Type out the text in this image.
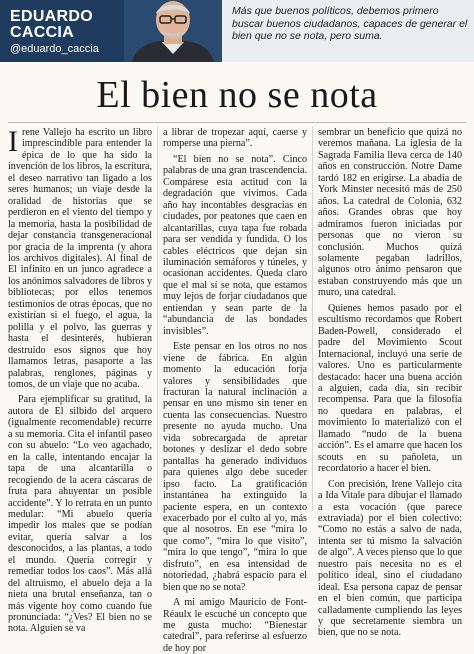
EDUARDO
CACCIA
@eduardo_caccia
Más que buenos políticos, debemos primero buscar buenos ciudadanos, capaces de generar el bien que no se nota, pero suma.
El bien no se nota

Irene Vallejo ha escrito un libro imprescindible para entender la épica de lo que ha sido la invención de los libros, la escritura, el deseo narrativo tan ligado a los seres humanos; un viaje desde la oralidad de historias que se perdieron en el viento del tiempo y la memoria, hasta la posibilidad de dejar constancia transgeneracional por gracia de la imprenta (y ahora los archivos digitales). Al final de El infinito en un junco agradece a los anónimos salvadores de libros y bibliotecas; por ellos tenemos testimonios de otras épocas, que no existirían si el fuego, el agua, la polilla y el polvo, las guerras y hasta el desinterés, hubieran destruido esos signos que hoy llamamos letras, pasaporte a las palabras, renglones, páginas y tomos, de un viaje que no acaba.

Para ejemplificar su gratitud, la autora de El silbido del arquero (igualmente recomendable) recurre a su memoria. Cita el infantil paseo con su abuelo: “Lo veo agachado, en la calle, intentando encajar la tapa de una alcantarilla o recogiendo de la acera cáscaras de fruta para ahuyentar un posible accidente”. Y lo retrata en un punto medular: “Mi abuelo quería impedir los males que se podían evitar, quería salvar a los desconocidos, a las plantas, a todo el mundo. Quería corregir y remediar todos los caos”. Más allá del altruismo, el abuelo deja a la nieta una brutal enseñanza, tan o más vigente hoy como cuando fue pronunciada: “¿Ves? El bien no se nota. Alguien se va

a librar de tropezar aquí, caerse y romperse una pierna”.

“El bien no se nota”. Cinco palabras de una gran trascendencia. Compárese esta actitud con la degradación que vivimos. Cada año hay incontables desgracias en ciudades, por peatones que caen en alcantarillas, cuya tapa fue robada para ser vendida y fundida. O los cables eléctricos que dejan sin iluminación semáforos y túneles, y ocasionan accidentes. Queda claro que el mal sí se nota, que estamos muy lejos de forjar ciudadanos que entiendan y sean parte de la “abundancia de las bondades invisibles”.

Este pensar en los otros no nos viene de fábrica. En algún momento la educación forja valores y sensibilidades que fracturan la natural inclinación a pensar en uno mismo sin tener en cuenta las consecuencias. Nuestro presente no ayuda mucho. Una vida sobrecargada de apretar botones y deslizar el dedo sobre pantallas ha generado individuos para quienes algo debe suceder ipso facto. La gratificación instantánea ha extinguido la paciente espera, en un contexto exacerbado por el culto al yo, más que al nosotros. En ese “mira lo que como”, “mira lo que visito”, “mira lo que tengo”, “mira lo que disfruto”, en esa intensidad de notoriedad, ¿habrá espacio para el bien que no se nota?

A mi amigo Mauricio de Font-Réaulx le escuché un concepto que me gusta mucho: “Bienestar catedral”, para referirse al esfuerzo de hoy por

sembrar un beneficio que quizá no veremos mañana. La iglesia de la Sagrada Familia lleva cerca de 140 años en construcción. Notre Dame tardó 182 en erigirse. La abadía de York Minster necesitó más de 250 años. La catedral de Colonia, 632 años. Grandes obras que hoy admiramos fueron iniciadas por personas que no vieron su conclusión. Muchos quizá solamente pegaban ladrillos, algunos otro ánimo pensaron que estaban construyendo más que un muro, una catedral.

Quienes hemos pasado por el escultismo recordamos que Robert Baden-Powell, considerado el padre del Movimiento Scout Internacional, incluyó una serie de valores. Uno es particularmente destacado: hacer una buena acción a alguien, cada día, sin recibir recompensa. Para que la filosofía no quedara en palabras, el movimiento lo materializó con el llamado “nudo de la buena acción”. Es el amarre que hacen los scouts en su pañoleta, un recordatorio a hacer el bien.

Con precisión, Irene Vallejo cita a Ida Vitale para dibujar el llamado a esta vocación (que parece extraviada) por el bien colectivo: “Como no estás a salvo de nada, intenta ser tú mismo la salvación de algo”. A veces pienso que lo que nuestro país necesita no es el político ideal, sino el ciudadano ideal. Esa persona capaz de pensar en el bien común, que participa calladamente cumpliendo las leyes y que secretamente siembra un bien, que no se nota.
